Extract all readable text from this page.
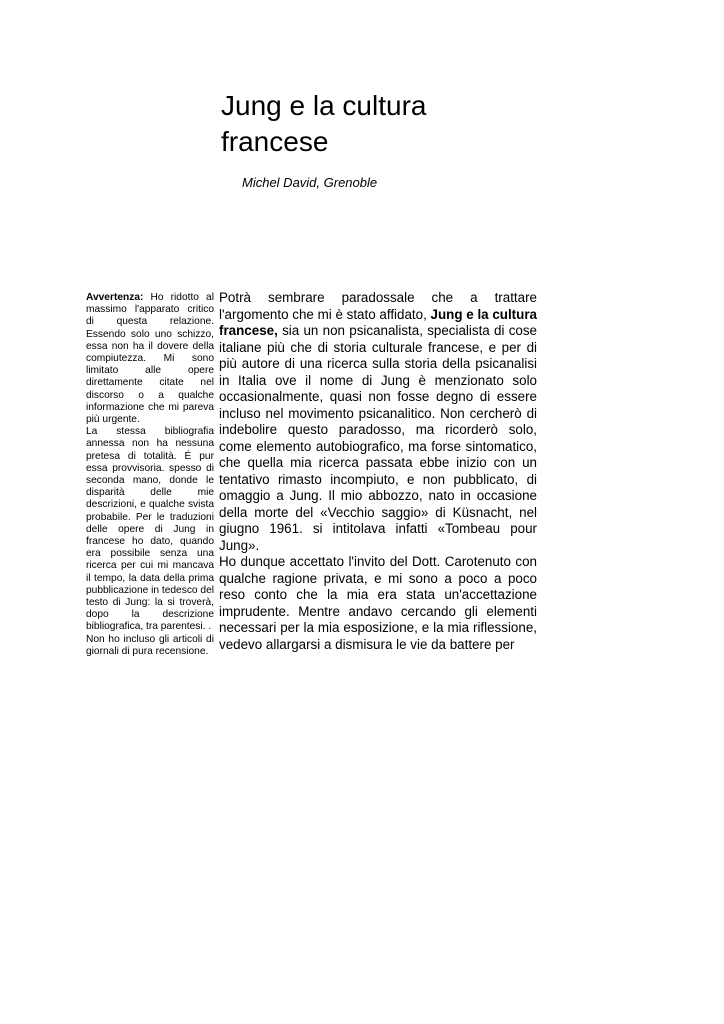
Jung e la cultura
francese
Michel David, Grenoble

Avvertenza: Ho ridotto al massimo l'apparato critico di questa relazione. Essendo solo uno schizzo, essa non ha il dovere della compiutezza. Mi sono limitato alle opere direttamente citate nel discorso o a qualche informazione che mi pareva più urgente.

La stessa bibliografia annessa non ha nessuna pretesa di totalità. É pur essa provvisoria. spesso di seconda mano, donde le disparità delle mie descrizioni, e qualche svista probabile. Per le traduzioni delle opere di Jung in francese ho dato, quando era possibile senza una ricerca per cui mi mancava il tempo, la data della prima pubblicazione in tedesco del testo di Jung: la si troverà, dopo la descrizione bibliografica, tra parentesi. .

Non ho incluso gli articoli di giornali di pura recensione.

Potrà sembrare paradossale che a trattare l'argomento che mi è stato affidato, Jung e la cultura francese, sia un non psicanalista, specialista di cose italiane più che di storia culturale francese, e per di più autore di una ricerca sulla storia della psicanalisi in Italia ove il nome di Jung è menzionato solo occasionalmente, quasi non fosse degno di essere incluso nel movimento psicanalitico. Non cercherò di indebolire questo paradosso, ma ricorderò solo, come elemento autobiografico, ma forse sintomatico, che quella mia ricerca passata ebbe inizio con un tentativo rimasto incompiuto, e non pubblicato, di omaggio a Jung. Il mio abbozzo, nato in occasione della morte del «Vecchio saggio» di Küsnacht, nel giugno 1961. si intitolava infatti «Tombeau pour Jung».

Ho dunque accettato l'invito del Dott. Carotenuto con qualche ragione privata, e mi sono a poco a poco reso conto che la mia era stata un'accettazione imprudente. Mentre andavo cercando gli elementi necessari per la mia esposizione, e la mia riflessione, vedevo allargarsi a dismisura le vie da battere per
